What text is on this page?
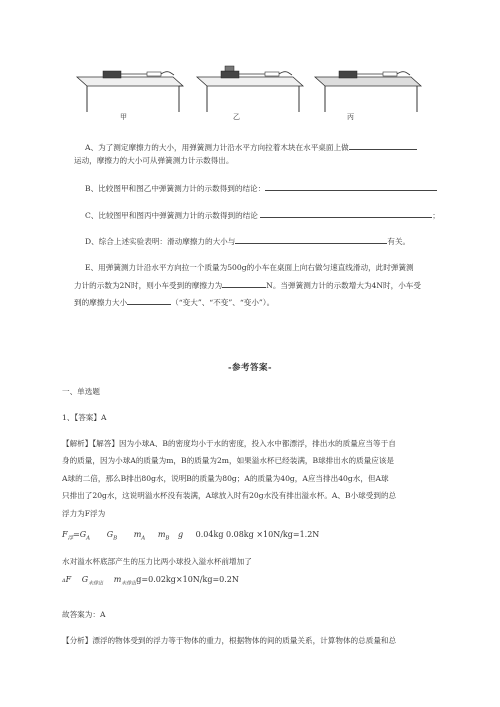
甲	乙	丙
A、为了测定摩擦力的大小，用弹簧测力计沿水平方向拉着木块在水平桌面上做
运动，摩擦力的大小可从弹簧测力计示数得出。
B、比较图甲和图乙中弹簧测力计的示数得到的结论：
C、比较图甲和图丙中弹簧测力计的示数得到的结论	；
D、综合上述实验表明：滑动摩擦力的大小与	有关。
E、用弹簧测力计沿水平方向拉一个质量为500g的小车在桌面上向右做匀速直线滑动，此时弹簧测
力计的示数为2N时，则小车受到的摩擦力为	N。当弹簧测力计的示数增大为4N时，小车受
到的摩擦力大小	（“变大”、“不变”、“变小”）。
-参考答案-
一、单选题
1、【答案】A
【解析】【解答】因为小球A、B的密度均小于水的密度，投入水中都漂浮，排出水的质量应当等于自
身的质量，因为小球A的质量为m，B的质量为2m，如果溢水杯已经装满，B球排出水的质量应该是
A球的二倍，那么B排出80g水，说明B的质量为80g；A的质量为40g，A应当排出40g水，但A球
只排出了20g水，这说明溢水杯没有装满，A球放入时有20g水没有排出溢水杯。A、B小球受到的总
浮力为F浮为
$F_浮=G_A$ $G_B$ $m_A$ $m_B$ g 0.04kg 0.08kg ×10N/kg=1.2N
水对溢水杯底部产生的压力比两小球投入溢水杯前增加了
ΔF $G_{未排出}$ $m_{未排出}g=0.02kg\times 10N/kg=0.2N$
故答案为：A
【分析】漂浮的物体受到的浮力等于物体的重力，根据物体的间的质量关系，计算物体的总质量和总
